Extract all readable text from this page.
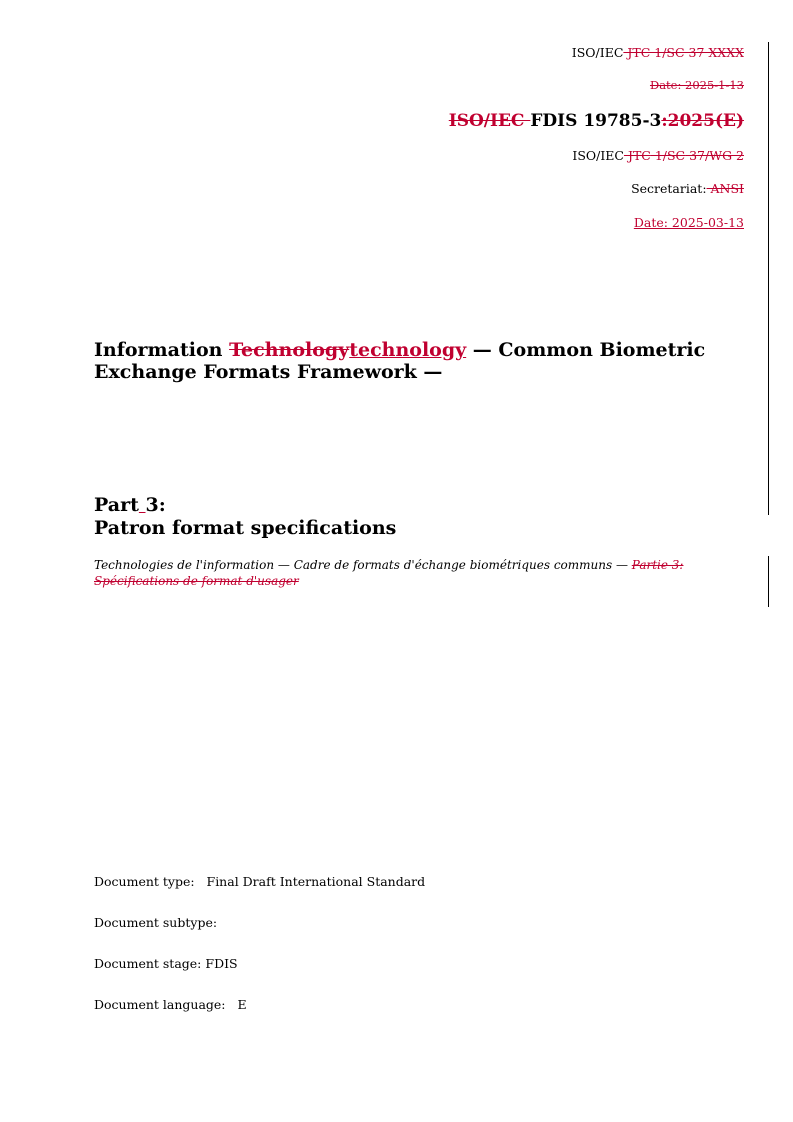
ISO/IEC JTC 1/SC 37 XXXX
Date: 2025-1-13
ISO/IEC FDIS 19785-3:2025(E)
ISO/IEC JTC 1/SC 37/WG 2
Secretariat: ANSI
Date: 2025-03-13
Information Technologytechnology — Common Biometric Exchange Formats Framework —
Part 3:
Patron format specifications
Technologies de l'information — Cadre de formats d'échange biométriques communs — Partie 3: Spécifications de format d'usager
Document type: Final Draft International Standard
Document subtype:
Document stage: FDIS
Document language: E
